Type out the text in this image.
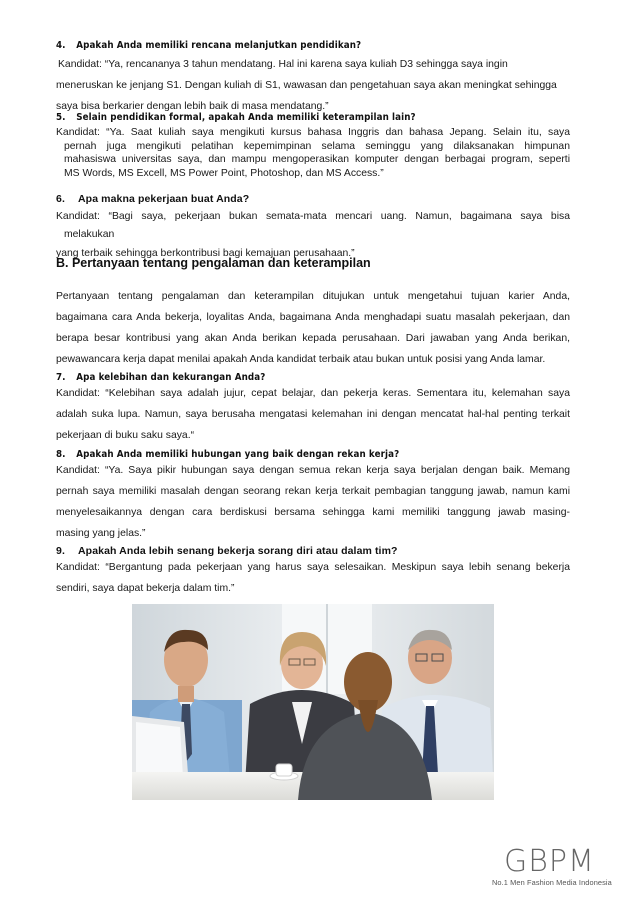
4. Apakah Anda memiliki rencana melanjutkan pendidikan?
Kandidat: “Ya, rencananya 3 tahun mendatang. Hal ini karena saya kuliah D3 sehingga saya ingin
meneruskan ke jenjang S1. Dengan kuliah di S1, wawasan dan pengetahuan saya akan meningkat sehingga
saya bisa berkarier dengan lebih baik di masa mendatang.”
5. Selain pendidikan formal, apakah Anda memiliki keterampilan lain?
Kandidat: “Ya. Saat kuliah saya mengikuti kursus bahasa Inggris dan bahasa Jepang. Selain itu, saya
pernah juga mengikuti pelatihan kepemimpinan selama seminggu yang dilaksanakan himpunan
mahasiswa universitas saya, dan mampu mengoperasikan komputer dengan berbagai program, seperti
MS Words, MS Excell, MS Power Point, Photoshop, dan MS Access.”
6. Apa makna pekerjaan buat Anda?
Kandidat: “Bagi saya, pekerjaan bukan semata-mata mencari uang. Namun, bagaimana saya bisa
melakukan
yang terbaik sehingga berkontribusi bagi kemajuan perusahaan.”
B. Pertanyaan tentang pengalaman dan keterampilan
Pertanyaan tentang pengalaman dan keterampilan ditujukan untuk mengetahui tujuan karier Anda,
bagaimana cara Anda bekerja, loyalitas Anda, bagaimana Anda menghadapi suatu masalah pekerjaan, dan
berapa besar kontribusi yang akan Anda berikan kepada perusahaan. Dari jawaban yang Anda berikan,
pewawancara kerja dapat menilai apakah Anda kandidat terbaik atau bukan untuk posisi yang Anda lamar.
7. Apa kelebihan dan kekurangan Anda?
Kandidat: “Kelebihan saya adalah jujur, cepat belajar, dan pekerja keras. Sementara itu, kelemahan saya
adalah suka lupa. Namun, saya berusaha mengatasi kelemahan ini dengan mencatat hal-hal penting terkait
pekerjaan di buku saku saya.“
8. Apakah Anda memiliki hubungan yang baik dengan rekan kerja?
Kandidat: “Ya. Saya pikir hubungan saya dengan semua rekan kerja saya berjalan dengan baik. Memang
pernah saya memiliki masalah dengan seorang rekan kerja terkait pembagian tanggung jawab, namun kami
menyelesaikannya dengan cara berdiskusi bersama sehingga kami memiliki tanggung jawab masing-
masing yang jelas.”
9. Apakah Anda lebih senang bekerja sorang diri atau dalam tim?
Kandidat: “Bergantung pada pekerjaan yang harus saya selesaikan. Meskipun saya lebih senang bekerja
sendiri, saya dapat bekerja dalam tim.”
GBPM
No.1 Men Fashion Media Indonesia
